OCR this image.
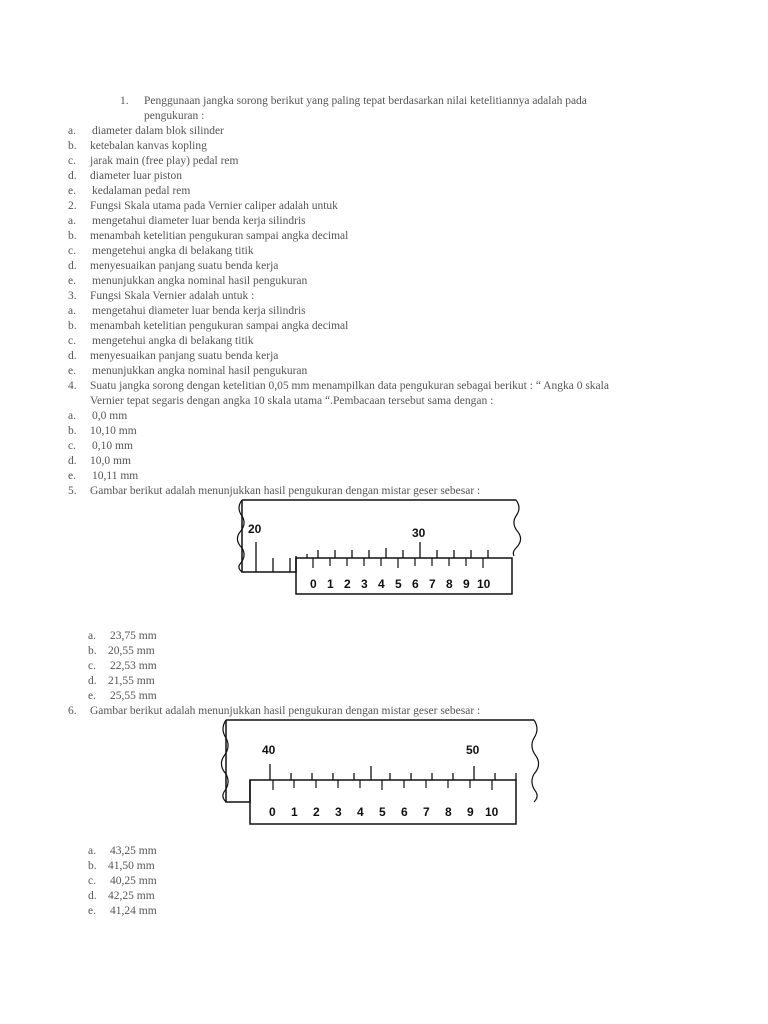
1. Penggunaan jangka sorong berikut yang paling tepat berdasarkan nilai ketelitiannya adalah pada
pengukuran :
a. diameter dalam blok silinder
b. ketebalan kanvas kopling
c. jarak main (free play) pedal rem
d. diameter luar piston
e. kedalaman pedal rem
2. Fungsi Skala utama pada Vernier caliper adalah untuk
a. mengetahui diameter luar benda kerja silindris
b. menambah ketelitian pengukuran sampai angka decimal
c. mengetehui angka di belakang titik
d. menyesuaikan panjang suatu benda kerja
e. menunjukkan angka nominal hasil pengukuran
3. Fungsi Skala Vernier adalah untuk :
a. mengetahui diameter luar benda kerja silindris
b. menambah ketelitian pengukuran sampai angka decimal
c. mengetehui angka di belakang titik
d. menyesuaikan panjang suatu benda kerja
e. menunjukkan angka nominal hasil pengukuran
4. Suatu jangka sorong dengan ketelitian 0,05 mm menampilkan data pengukuran sebagai berikut : “ Angka 0 skala
Vernier tepat segaris dengan angka 10 skala utama “.Pembacaan tersebut sama dengan :
a. 0,0 mm
b. 10,10 mm
c. 0,10 mm
d. 10,0 mm
e. 10,11 mm
5. Gambar berikut adalah menunjukkan hasil pengukuran dengan mistar geser sebesar :
20	30
0 1 2 3 4 5 6 7 8 9 10
a. 23,75 mm
b. 20,55 mm
c. 22,53 mm
d. 21,55 mm
e. 25,55 mm
6. Gambar berikut adalah menunjukkan hasil pengukuran dengan mistar geser sebesar :
40	50
0 1 2 3 4 5 6 7 8 9 10
a. 43,25 mm
b. 41,50 mm
c. 40,25 mm
d. 42,25 mm
e. 41,24 mm
